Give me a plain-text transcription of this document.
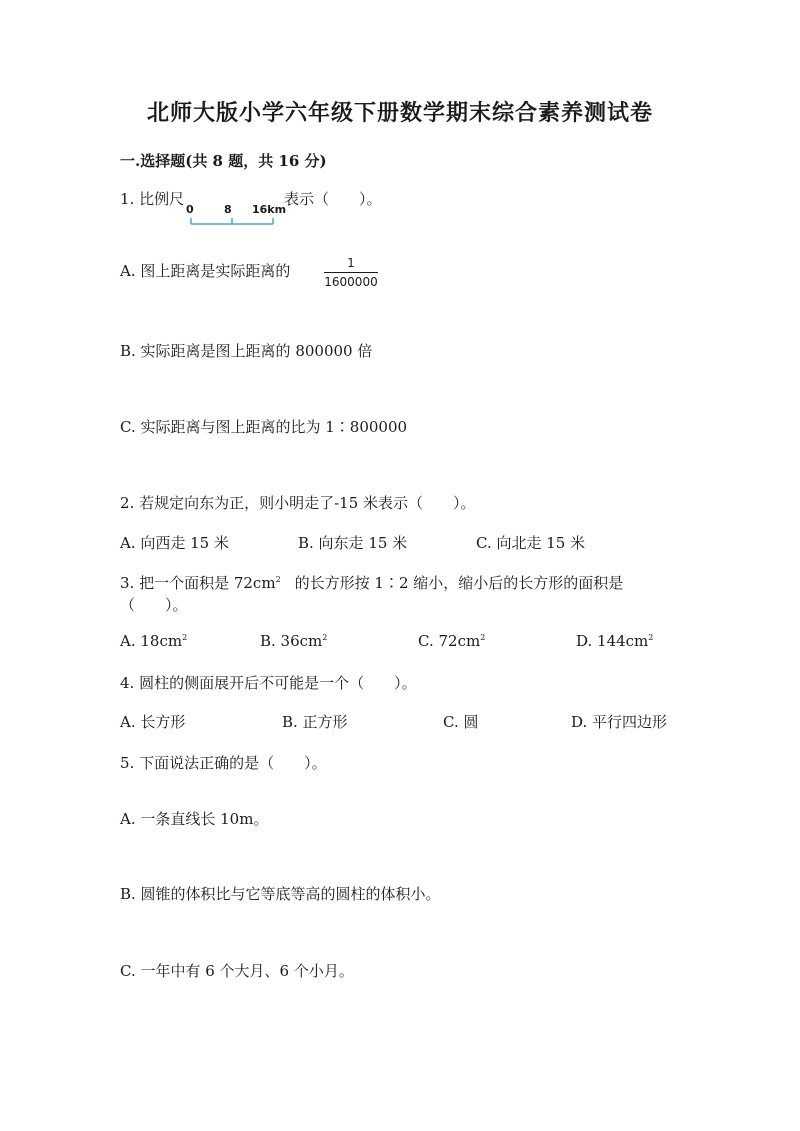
北师大版小学六年级下册数学期末综合素养测试卷
一.选择题(共 8 题，共 16 分)
1. 比例尺
0	8 16km
表示（　　）。
A. 图上距离是实际距离的	1
1600000
B. 实际距离是图上距离的 800000 倍
C. 实际距离与图上距离的比为 1∶800000
2. 若规定向东为正，则小明走了-15 米表示（　　）。
A. 向西走 15 米	B. 向东走 15 米	C. 向北走 15 米
3. 把一个面积是 $72cm^2$ 的长方形按 1∶2 缩小，缩小后的长方形的面积是
（　　）。
A. $18cm^2$	B. $36cm^2$	C. $72cm^2$	D. $144cm^2$
4. 圆柱的侧面展开后不可能是一个（　　）。
A. 长方形	B. 正方形	C. 圆	D. 平行四边形
5. 下面说法正确的是（　　）。
A. 一条直线长 10m。
B. 圆锥的体积比与它等底等高的圆柱的体积小。
C. 一年中有 6 个大月、6 个小月。
